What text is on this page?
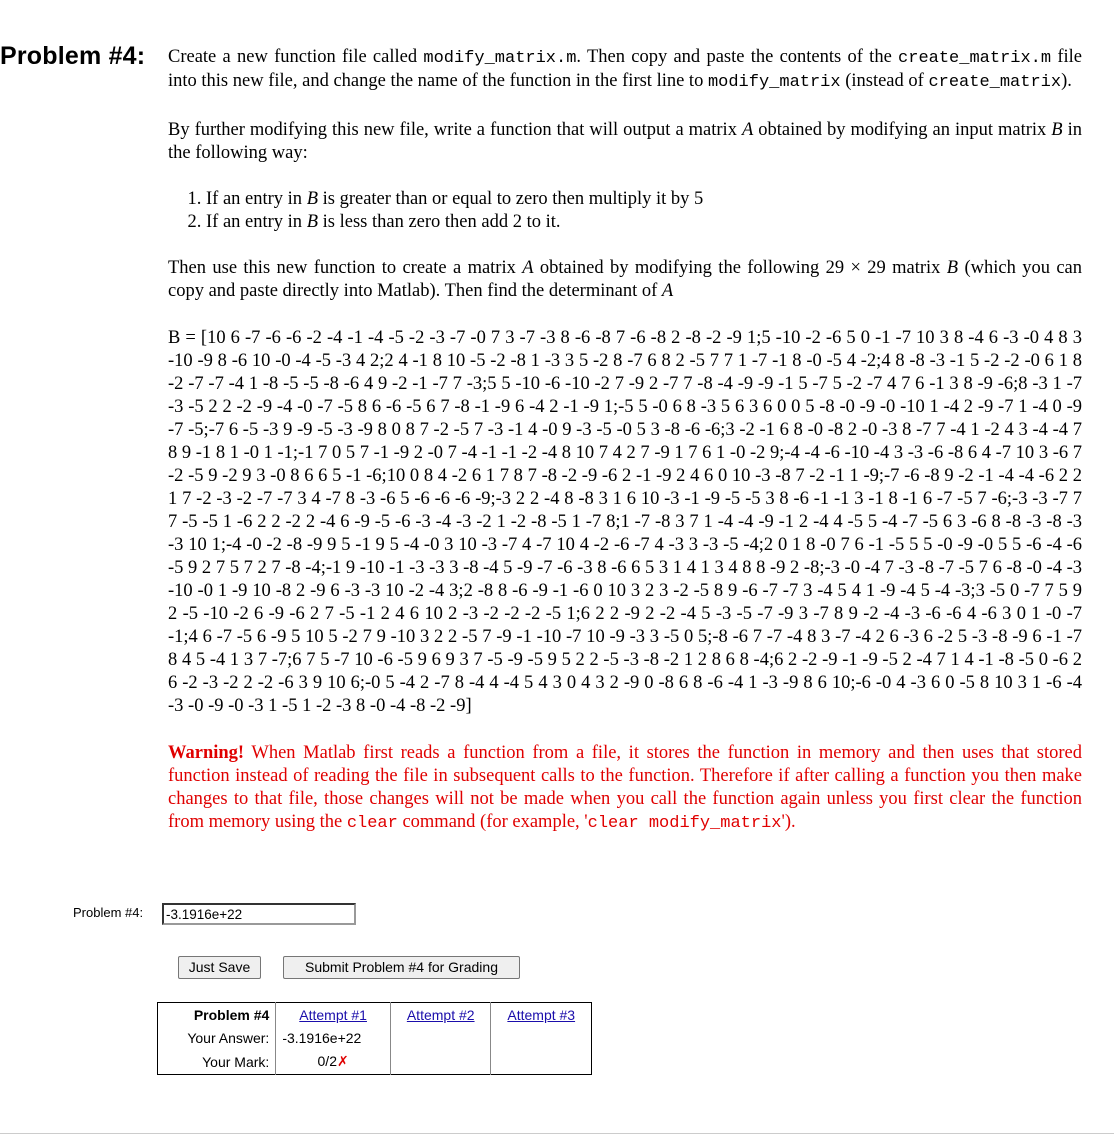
Problem #4: Create a new function file called modify_matrix.m. Then copy and paste the contents of the create_matrix.m file into this new file, and change the name of the function in the first line to modify_matrix (instead of create_matrix).

By further modifying this new file, write a function that will output a matrix A obtained by modifying an input matrix B in the following way:

1. If an entry in B is greater than or equal to zero then multiply it by 5
2. If an entry in B is less than zero then add 2 to it.

Then use this new function to create a matrix A obtained by modifying the following 29 × 29 matrix B (which you can copy and paste directly into Matlab). Then find the determinant of A

B = [10 6 -7 -6 -6 -2 -4 -1 -4 -5 -2 -3 -7 -0 7 3 -7 -3 8 -6 -8 7 -6 -8 2 -8 -2 -9 1;5 -10 -2 -6 5 0 -1 -7 10 3 8 -4 6 -3 -0 4 8 3 -10 -9 8 -6 10 -0 -4 -5 -3 4 2;2 4 -1 8 10 -5 -2 -8 1 -3 3 5 -2 8 -7 6 8 2 -5 7 7 1 -7 -1 8 -0 -5 4 -2;4 8 -8 -3 -1 5 -2 -2 -0 6 1 8 -2 -7 -7 -4 1 -8 -5 -5 -8 -6 4 9 -2 -1 -7 7 -3;5 5 -10 -6 -10 -2 7 -9 2 -7 7 -8 -4 -9 -9 -1 5 -7 5 -2 -7 4 7 6 -1 3 8 -9 -6;8 -3 1 -7 -3 -5 2 2 -2 -9 -4 -0 -7 -5 8 6 -6 -5 6 7 -8 -1 -9 6 -4 2 -1 -9 1;-5 5 -0 6 8 -3 5 6 3 6 0 0 5 -8 -0 -9 -0 -10 1 -4 2 -9 -7 1 -4 0 -9 -7 -5;-7 6 -5 -3 9 -9 -5 -3 -9 8 0 8 7 -2 -5 7 -3 -1 4 -0 9 -3 -5 -0 5 3 -8 -6 -6;3 -2 -1 6 8 -0 -8 2 -0 -3 8 -7 7 -4 1 -2 4 3 -4 -4 7 8 9 -1 8 1 -0 1 -1;-1 7 0 5 7 -1 -9 2 -0 7 -4 -1 -1 -2 -4 8 10 7 4 2 7 -9 1 7 6 1 -0 -2 9;-4 -4 -6 -10 -4 3 -3 -6 -8 6 4 -7 10 3 -6 7 -2 -5 9 -2 9 3 -0 8 6 6 5 -1 -6;10 0 8 4 -2 6 1 7 8 7 -8 -2 -9 -6 2 -1 -9 2 4 6 0 10 -3 -8 7 -2 -1 1 -9;-7 -6 -8 9 -2 -1 -4 -4 -6 2 2 1 7 -2 -3 -2 -7 -7 3 4 -7 8 -3 -6 5 -6 -6 -6 -9;-3 2 2 -4 8 -8 3 1 6 10 -3 -1 -9 -5 -5 3 8 -6 -1 -1 3 -1 8 -1 6 -7 -5 7 -6;-3 -3 -7 7 7 -5 -5 1 -6 2 2 -2 2 -4 6 -9 -5 -6 -3 -4 -3 -2 1 -2 -8 -5 1 -7 8;1 -7 -8 3 7 1 -4 -4 -9 -1 2 -4 4 -5 5 -4 -7 -5 6 3 -6 8 -8 -3 -8 -3 -3 10 1;-4 -0 -2 -8 -9 9 5 -1 9 5 -4 -0 3 10 -3 -7 4 -7 10 4 -2 -6 -7 4 -3 3 -3 -5 -4;2 0 1 8 -0 7 6 -1 -5 5 5 -0 -9 -0 5 5 -6 -4 -6 -5 9 2 7 5 7 2 7 -8 -4;-1 9 -10 -1 -3 -3 3 -8 -4 5 -9 -7 -6 -3 8 -6 6 5 3 1 4 1 3 4 8 8 -9 2 -8;-3 -0 -4 7 -3 -8 -7 -5 7 6 -8 -0 -4 -3 -10 -0 1 -9 10 -8 2 -9 6 -3 -3 10 -2 -4 3;2 -8 8 -6 -9 -1 -6 0 10 3 2 3 -2 -5 8 9 -6 -7 -7 3 -4 5 4 1 -9 -4 5 -4 -3;3 -5 0 -7 7 5 9 2 -5 -10 -2 6 -9 -6 2 7 -5 -1 2 4 6 10 2 -3 -2 -2 -2 -5 1;6 2 2 -9 2 -2 -4 5 -3 -5 -7 -9 3 -7 8 9 -2 -4 -3 -6 -6 4 -6 3 0 1 -0 -7 -1;4 6 -7 -5 6 -9 5 10 5 -2 7 9 -10 3 2 2 -5 7 -9 -1 -10 -7 10 -9 -3 3 -5 0 5;-8 -6 7 -7 -4 8 3 -7 -4 2 6 -3 6 -2 5 -3 -8 -9 6 -1 -7 8 4 5 -4 1 3 7 -7;6 7 5 -7 10 -6 -5 9 6 9 3 7 -5 -9 -5 9 5 2 2 -5 -3 -8 -2 1 2 8 6 8 -4;6 2 -2 -9 -1 -9 -5 2 -4 7 1 4 -1 -8 -5 0 -6 2 6 -2 -3 -2 2 -2 -6 3 9 10 6;-0 5 -4 2 -7 8 -4 4 -4 5 4 3 0 4 3 2 -9 0 -8 6 8 -6 -4 1 -3 -9 8 6 10;-6 -0 4 -3 6 0 -5 8 10 3 1 -6 -4 -3 -0 -9 -0 -3 1 -5 1 -2 -3 8 -0 -4 -8 -2 -9]

Warning! When Matlab first reads a function from a file, it stores the function in memory and then uses that stored function instead of reading the file in subsequent calls to the function. Therefore if after calling a function you then make changes to that file, those changes will not be made when you call the function again unless you first clear the function from memory using the clear command (for example, 'clear modify_matrix').

Problem #4:
-3.1916e+22
Just Save	Submit Problem #4 for Grading
Problem #4	Attempt #1	Attempt #2	Attempt #3
Your Answer:	-3.1916e+22		
Your Mark:	0/2✗		
